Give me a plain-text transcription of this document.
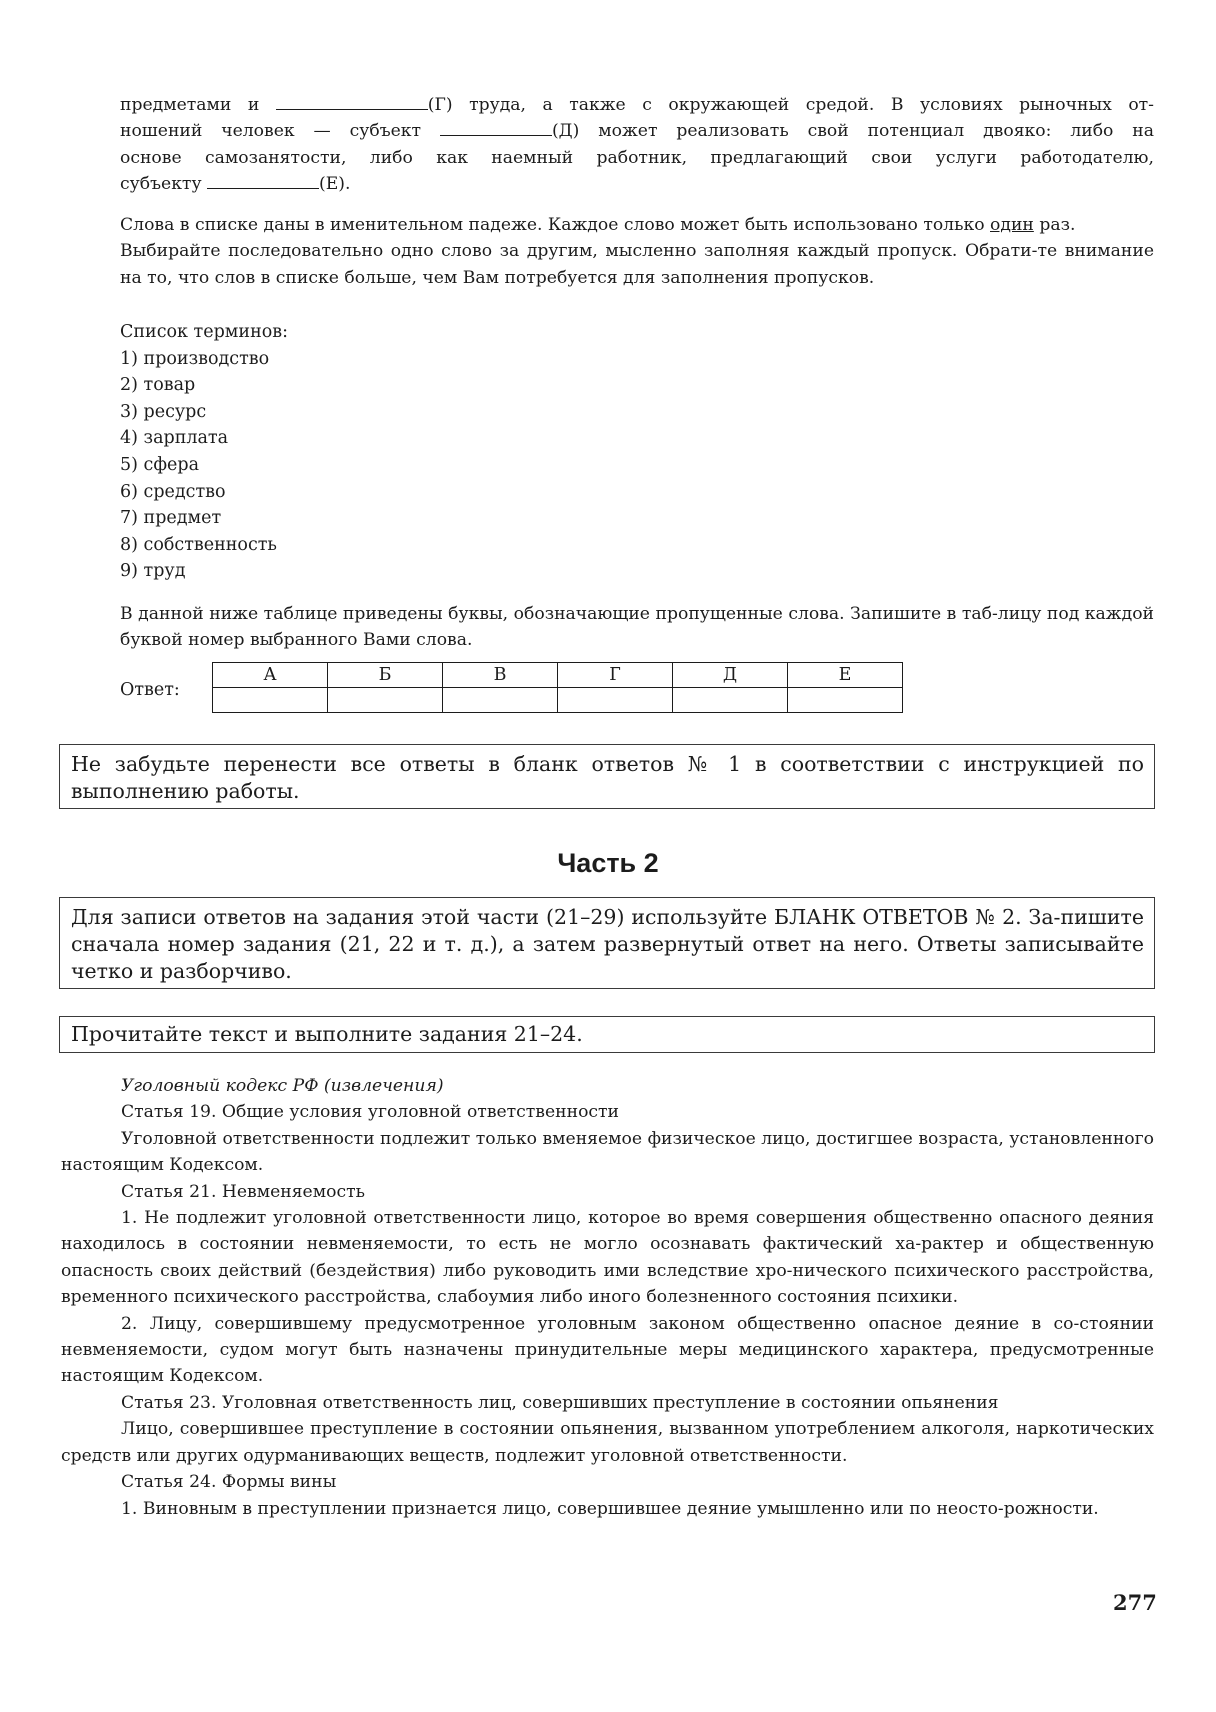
предметами и	(Г) труда, а также с окружающей средой. В условиях рыночных от-

ношений человек — субъект	(Д) может реализовать свой потенциал двояко: либо на

основе самозанятости, либо как наемный работник, предлагающий свои услуги работодателю,

субъекту	(Е).

Слова в списке даны в именительном падеже. Каждое слово может быть использовано только один раз.

Выбирайте последовательно одно слово за другим, мысленно заполняя каждый пропуск. Обрати-те внимание на то, что слов в списке больше, чем Вам потребуется для заполнения пропусков.

Список терминов:

1) производство

2) товар

3) ресурс

4) зарплата

5) сфера

6) средство

7) предмет

8) собственность

9) труд

В данной ниже таблице приведены буквы, обозначающие пропущенные слова. Запишите в таб-лицу под каждой буквой номер выбранного Вами слова.

Ответ:
А	Б	В	Г	Д	Е

Не забудьте перенести все ответы в бланк ответов № 1 в соответствии с инструкцией по выполнению работы.
Часть 2
Для записи ответов на задания этой части (21–29) используйте БЛАНК ОТВЕТОВ № 2. За-пишите сначала номер задания (21, 22 и т. д.), а затем развернутый ответ на него. Ответы записывайте четко и разборчиво.
Прочитайте текст и выполните задания 21–24.

Уголовный кодекс РФ (извлечения)

Статья 19. Общие условия уголовной ответственности

Уголовной ответственности подлежит только вменяемое физическое лицо, достигшее возраста, установленного настоящим Кодексом.

Статья 21. Невменяемость

1. Не подлежит уголовной ответственности лицо, которое во время совершения общественно опасного деяния находилось в состоянии невменяемости, то есть не могло осознавать фактический ха-рактер и общественную опасность своих действий (бездействия) либо руководить ими вследствие хро-нического психического расстройства, временного психического расстройства, слабоумия либо иного болезненного состояния психики.

2. Лицу, совершившему предусмотренное уголовным законом общественно опасное деяние в со-стоянии невменяемости, судом могут быть назначены принудительные меры медицинского характера, предусмотренные настоящим Кодексом.

Статья 23. Уголовная ответственность лиц, совершивших преступление в состоянии опьянения

Лицо, совершившее преступление в состоянии опьянения, вызванном употреблением алкоголя, наркотических средств или других одурманивающих веществ, подлежит уголовной ответственности.

Статья 24. Формы вины

1. Виновным в преступлении признается лицо, совершившее деяние умышленно или по неосто-рожности.

277
